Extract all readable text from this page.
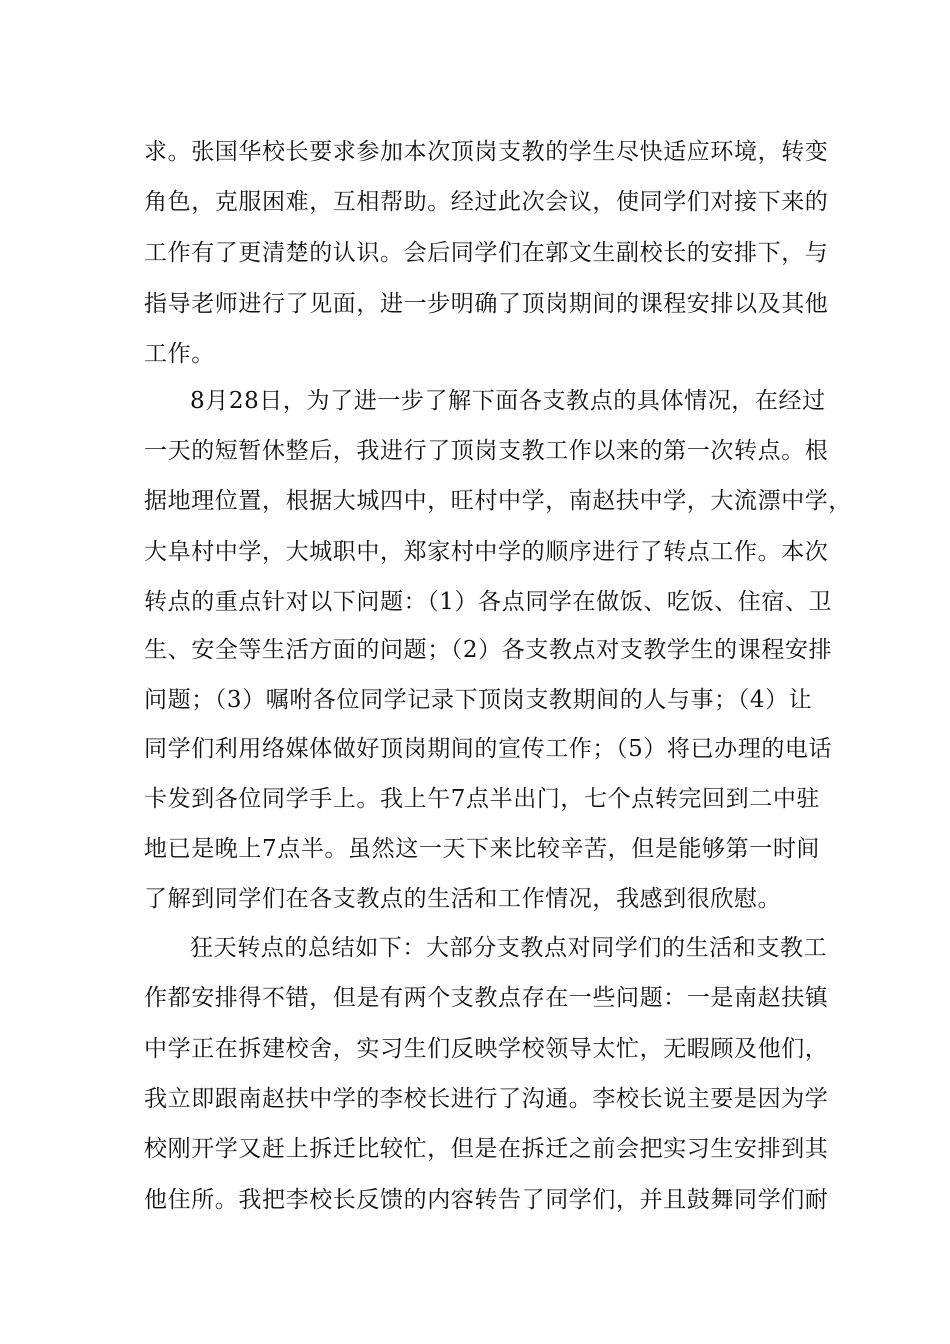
求。张国华校长要求参加本次顶岗支教的学生尽快适应环境，转变
角色，克服困难，互相帮助。经过此次会议，使同学们对接下来的
工作有了更清楚的认识。会后同学们在郭文生副校长的安排下，与
指导老师进行了见面，进一步明确了顶岗期间的课程安排以及其他
工作。
8月28日，为了进一步了解下面各支教点的具体情况，在经过
一天的短暂休整后，我进行了顶岗支教工作以来的第一次转点。根
据地理位置，根据大城四中，旺村中学，南赵扶中学，大流漂中学，
大阜村中学，大城职中，郑家村中学的顺序进行了转点工作。本次
转点的重点针对以下问题：（1）各点同学在做饭、吃饭、住宿、卫
生、安全等生活方面的问题；（2）各支教点对支教学生的课程安排
问题；（3）嘱咐各位同学记录下顶岗支教期间的人与事；（4）让
同学们利用络媒体做好顶岗期间的宣传工作；（5）将已办理的电话
卡发到各位同学手上。我上午7点半出门，七个点转完回到二中驻
地已是晚上7点半。虽然这一天下来比较辛苦，但是能够第一时间
了解到同学们在各支教点的生活和工作情况，我感到很欣慰。
狂天转点的总结如下：大部分支教点对同学们的生活和支教工
作都安排得不错，但是有两个支教点存在一些问题：一是南赵扶镇
中学正在拆建校舍，实习生们反映学校领导太忙，无暇顾及他们，
我立即跟南赵扶中学的李校长进行了沟通。李校长说主要是因为学
校刚开学又赶上拆迁比较忙，但是在拆迁之前会把实习生安排到其
他住所。我把李校长反馈的内容转告了同学们，并且鼓舞同学们耐
